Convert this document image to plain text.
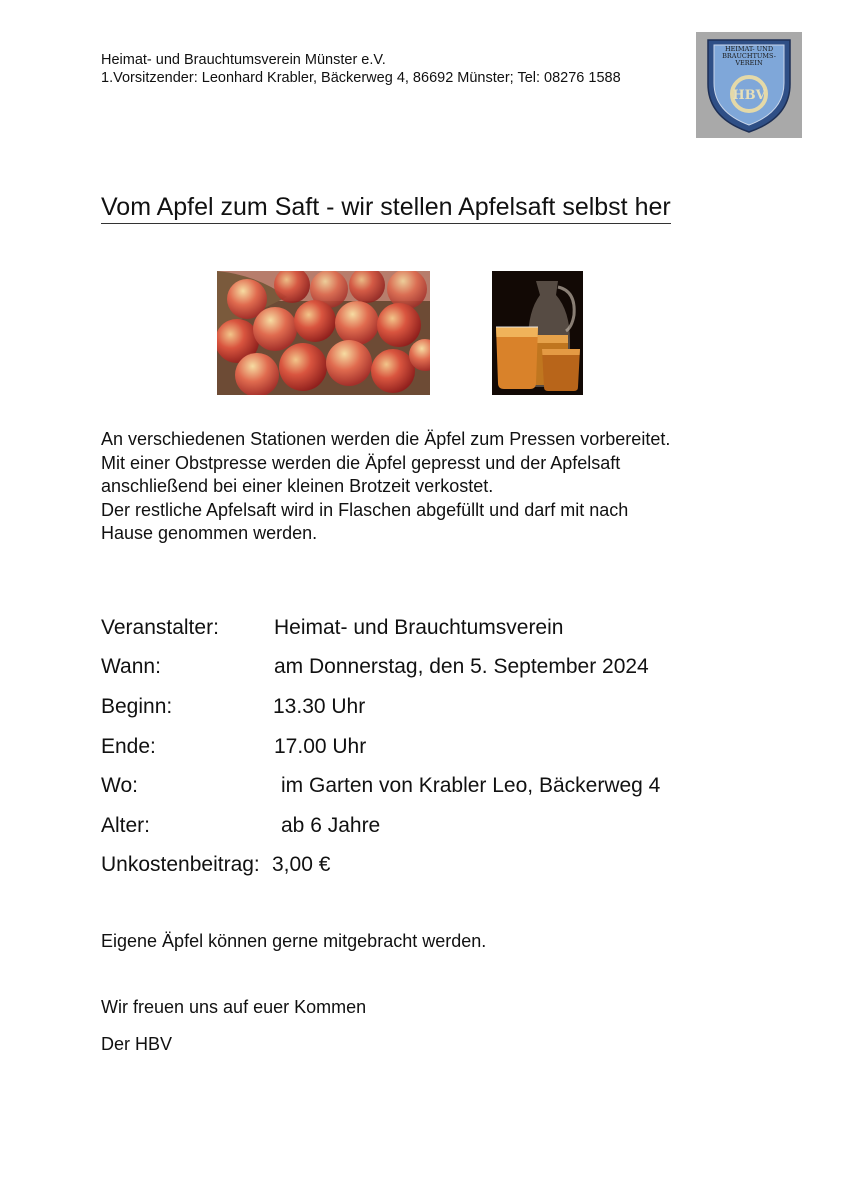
Heimat- und Brauchtumsverein Münster e.V.
1.Vorsitzender: Leonhard Krabler, Bäckerweg 4, 86692 Münster; Tel: 08276 1588
HEIMAT- UND
BRAUCHTUMS-
VEREIN
HBV
Vom Apfel zum Saft - wir stellen Apfelsaft selbst her
An verschiedenen Stationen werden die Äpfel zum Pressen vorbereitet.
Mit einer Obstpresse werden die Äpfel gepresst und der Apfelsaft
anschließend bei einer kleinen Brotzeit verkostet.
Der restliche Apfelsaft wird in Flaschen abgefüllt und darf mit nach
Hause genommen werden.
Veranstalter:	Heimat- und Brauchtumsverein
Wann:	am Donnerstag, den 5. September 2024
Beginn:	13.30 Uhr
Ende:	17.00 Uhr
Wo:	im Garten von Krabler Leo, Bäckerweg 4
Alter:	ab 6 Jahre
Unkostenbeitrag: 3,00 €
Eigene Äpfel können gerne mitgebracht werden.
Wir freuen uns auf euer Kommen
Der HBV
